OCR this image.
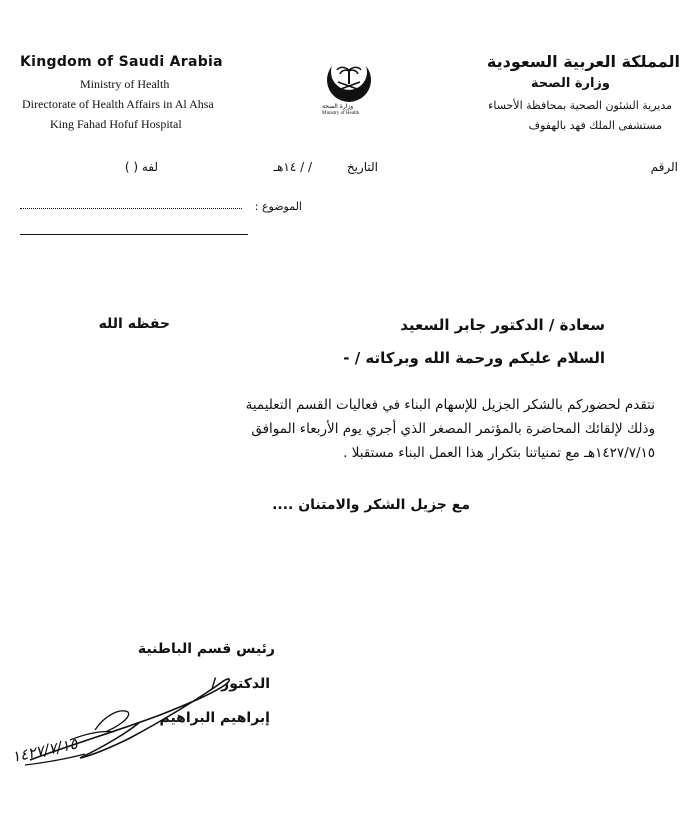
Kingdom of Saudi Arabia
Ministry of Health
Directorate of Health Affairs in Al Ahsa
King Fahad Hofuf Hospital
وزارة الصحة
Ministry of Health
المملكة العربية السعودية
وزارة الصحة
مديرية الشئون الصحية بمحافظة الأحساء
مستشفى الملك فهد بالهفوف
الرقم
التاريخ
/ / ١٤هـ
لفه ( )
الموضوع :
سعادة / الدكتور جابر السعيد
حفظه الله
السلام عليكم ورحمة الله وبركاته / -
نتقدم لحضوركم بالشكر الجزيل للإسهام البناء في فعاليات القسم التعليمية
وذلك لإلقائك المحاضرة بالمؤتمر المصغر الذي أجري يوم الأربعاء الموافق
١٤٢٧/٧/١٥هـ مع تمنياتنا بتكرار هذا العمل البناء مستقبلا .
مع جزيل الشكر والامتنان ....
رئيس قسم الباطنية
الدكتور /
إبراهيم البراهيم
١٤٢٧/٧/١٥
